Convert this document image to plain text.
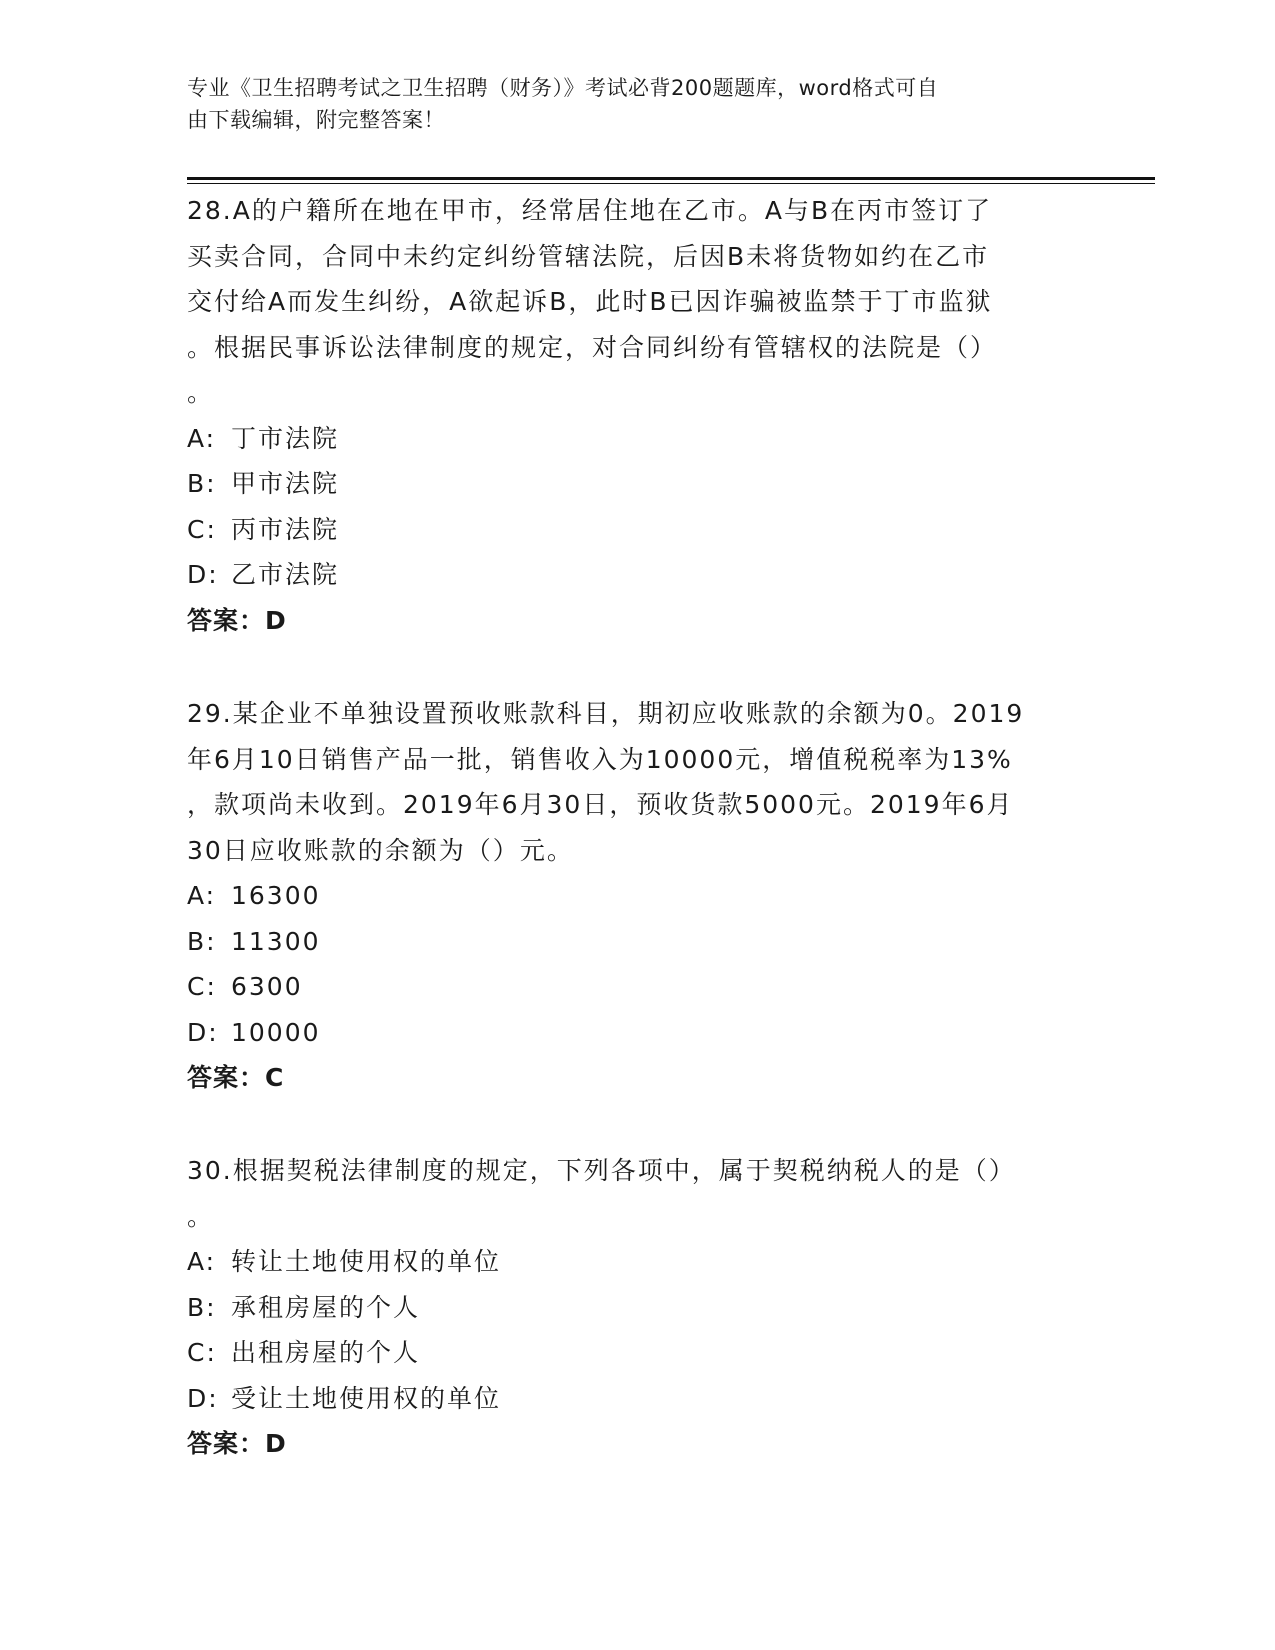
专业《卫生招聘考试之卫生招聘（财务）》考试必背200题题库，word格式可自
由下载编辑，附完整答案！

28.A的户籍所在地在甲市，经常居住地在乙市。A与B在丙市签订了
买卖合同，合同中未约定纠纷管辖法院，后因B未将货物如约在乙市
交付给A而发生纠纷，A欲起诉B，此时B已因诈骗被监禁于丁市监狱
。根据民事诉讼法律制度的规定，对合同纠纷有管辖权的法院是（）
。

A: 丁市法院
B: 甲市法院
C: 丙市法院
D: 乙市法院
答案：D

29.某企业不单独设置预收账款科目，期初应收账款的余额为0。2019
年6月10日销售产品一批，销售收入为10000元，增值税税率为13%
，款项尚未收到。2019年6月30日，预收货款5000元。2019年6月
30日应收账款的余额为（）元。

A: 16300
B: 11300
C: 6300
D: 10000
答案：C

30.根据契税法律制度的规定，下列各项中，属于契税纳税人的是（）
。

A: 转让土地使用权的单位
B: 承租房屋的个人
C: 出租房屋的个人
D: 受让土地使用权的单位
答案：D
